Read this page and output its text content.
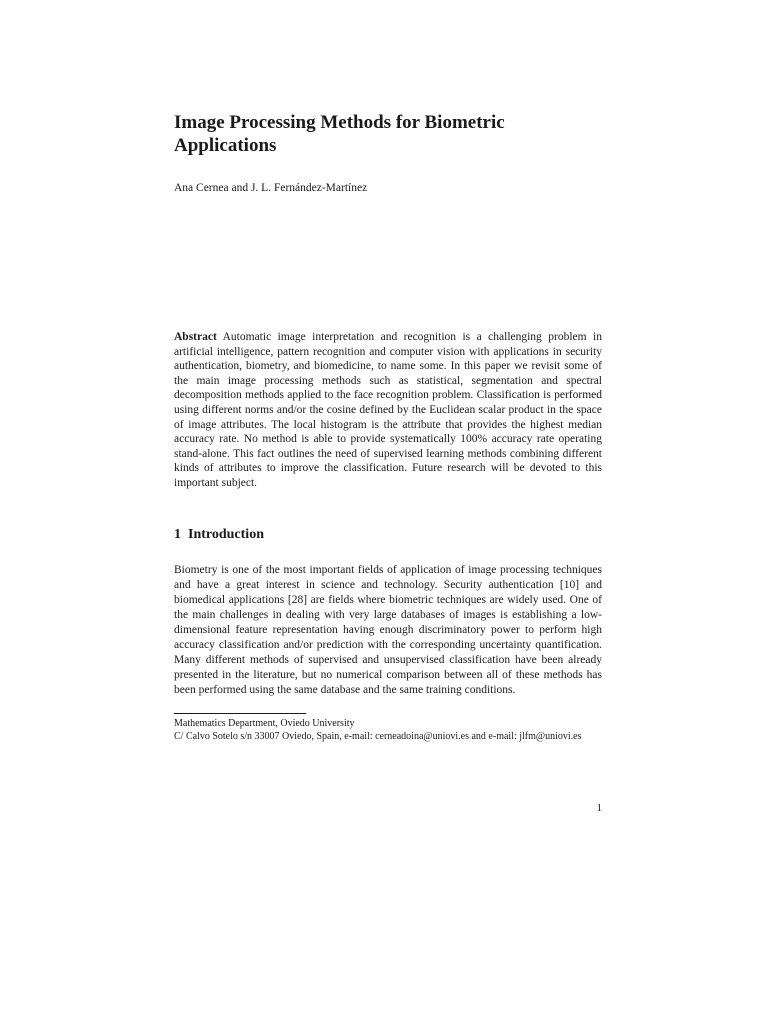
Image Processing Methods for Biometric Applications

Ana Cernea and J. L. Fernández-Martínez

Abstract Automatic image interpretation and recognition is a challenging problem in artificial intelligence, pattern recognition and computer vision with applications in security authentication, biometry, and biomedicine, to name some. In this paper we revisit some of the main image processing methods such as statistical, segmentation and spectral decomposition methods applied to the face recognition problem. Classification is performed using different norms and/or the cosine defined by the Euclidean scalar product in the space of image attributes. The local histogram is the attribute that provides the highest median accuracy rate. No method is able to provide systematically 100% accuracy rate operating stand-alone. This fact outlines the need of supervised learning methods combining different kinds of attributes to improve the classification. Future research will be devoted to this important subject.

1 Introduction

Biometry is one of the most important fields of application of image processing techniques and have a great interest in science and technology. Security authentication [10] and biomedical applications [28] are fields where biometric techniques are widely used. One of the main challenges in dealing with very large databases of images is establishing a low-dimensional feature representation having enough discriminatory power to perform high accuracy classification and/or prediction with the corresponding uncertainty quantification. Many different methods of supervised and unsupervised classification have been already presented in the literature, but no numerical comparison between all of these methods has been performed using the same database and the same training conditions.

Mathematics Department, Oviedo University
C/ Calvo Sotelo s/n 33007 Oviedo, Spain, e-mail: cerneadoina@uniovi.es and e-mail: jlfm@uniovi.es

1
